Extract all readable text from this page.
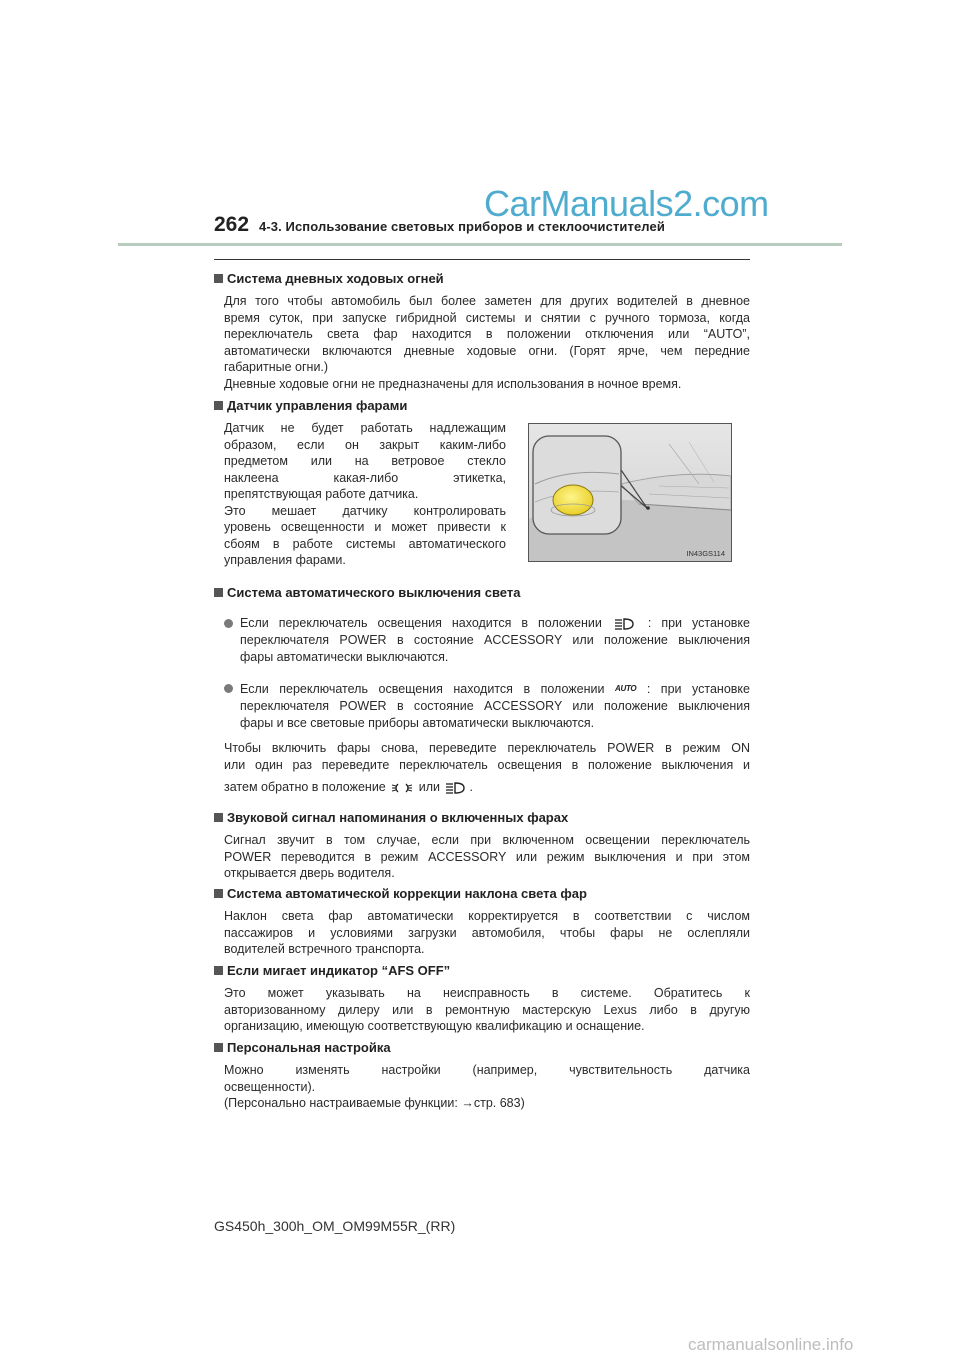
CarManuals2.com
262 4-3. Использование световых приборов и стеклоочистителей
Система дневных ходовых огней
Для того чтобы автомобиль был более заметен для других водителей в дневное
время суток, при запуске гибридной системы и снятии с ручного тормоза, когда
переключатель света фар находится в положении отключения или “AUTO”,
автоматически включаются дневные ходовые огни. (Горят ярче, чем передние
габаритные огни.)
Дневные ходовые огни не предназначены для использования в ночное время.
Датчик управления фарами
Датчик не будет работать надлежащим
образом, если он закрыт каким-либо
предметом или на ветровое стекло
наклеена какая-либо этикетка,
препятствующая работе датчика.
Это мешает датчику контролировать
уровень освещенности и может привести к
сбоям в работе системы автоматического
управления фарами.	IN43GS114
Система автоматического выключения света
Если переключатель освещения находится в положении	: при установке
переключателя POWER в состояние ACCESSORY или положение выключения
фары автоматически выключаются.
Если переключатель освещения находится в положении AUTO : при установке
переключателя POWER в состояние ACCESSORY или положение выключения
фары и все световые приборы автоматически выключаются.
Чтобы включить фары снова, переведите переключатель POWER в режим ON
или один раз переведите переключатель освещения в положение выключения и
затем обратно в положение	или .
Звуковой сигнал напоминания о включенных фарах
Сигнал звучит в том случае, если при включенном освещении переключатель
POWER переводится в режим ACCESSORY или режим выключения и при этом
открывается дверь водителя.
Система автоматической коррекции наклона света фар
Наклон света фар автоматически корректируется в соответствии с числом
пассажиров и условиями загрузки автомобиля, чтобы фары не ослепляли
водителей встречного транспорта.
Если мигает индикатор “AFS OFF”
Это может указывать на неисправность в системе. Обратитесь к
авторизованному дилеру или в ремонтную мастерскую Lexus либо в другую
организацию, имеющую соответствующую квалификацию и оснащение.
Персональная настройка
Можно изменять настройки (например, чувствительность датчика
освещенности).
(Персонально настраиваемые функции: →стр. 683)
GS450h_300h_OM_OM99M55R_(RR)
carmanualsonline.info
